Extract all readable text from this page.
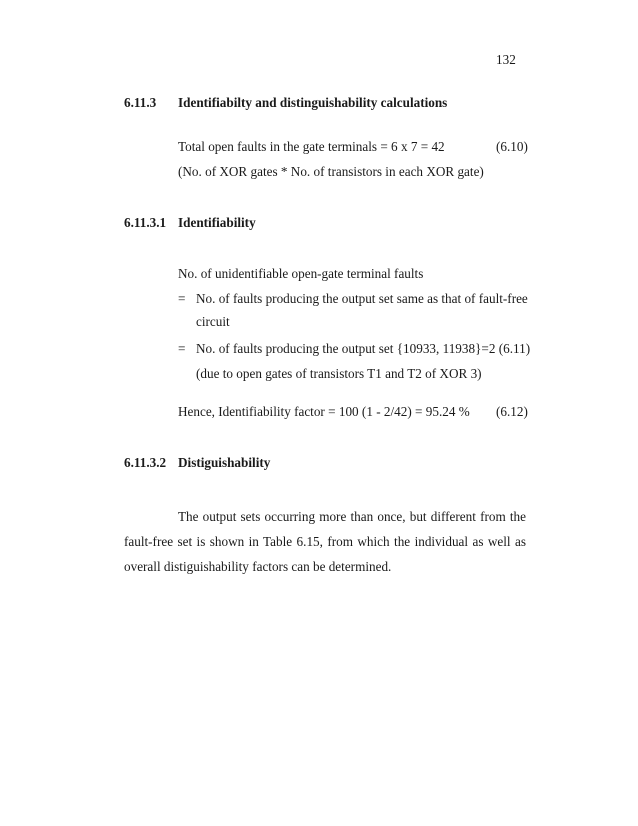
132
6.11.3 Identifiabilty and distinguishability calculations
Total open faults in the gate terminals = 6 x 7 = 42	(6.10)
(No. of XOR gates * No. of transistors in each XOR gate)
6.11.3.1 Identifiability
No. of unidentifiable open-gate terminal faults
= No. of faults producing the output set same as that of fault-free
circuit
= No. of faults producing the output set {10933, 11938}=2 (6.11)
(due to open gates of transistors T1 and T2 of XOR 3)
Hence, Identifiability factor = 100 (1 - 2/42) = 95.24 % (6.12)
6.11.3.2 Distiguishability
The output sets occurring more than once, but different from the fault-free set is shown in Table 6.15, from which the individual as well as overall distiguishability factors can be determined.
